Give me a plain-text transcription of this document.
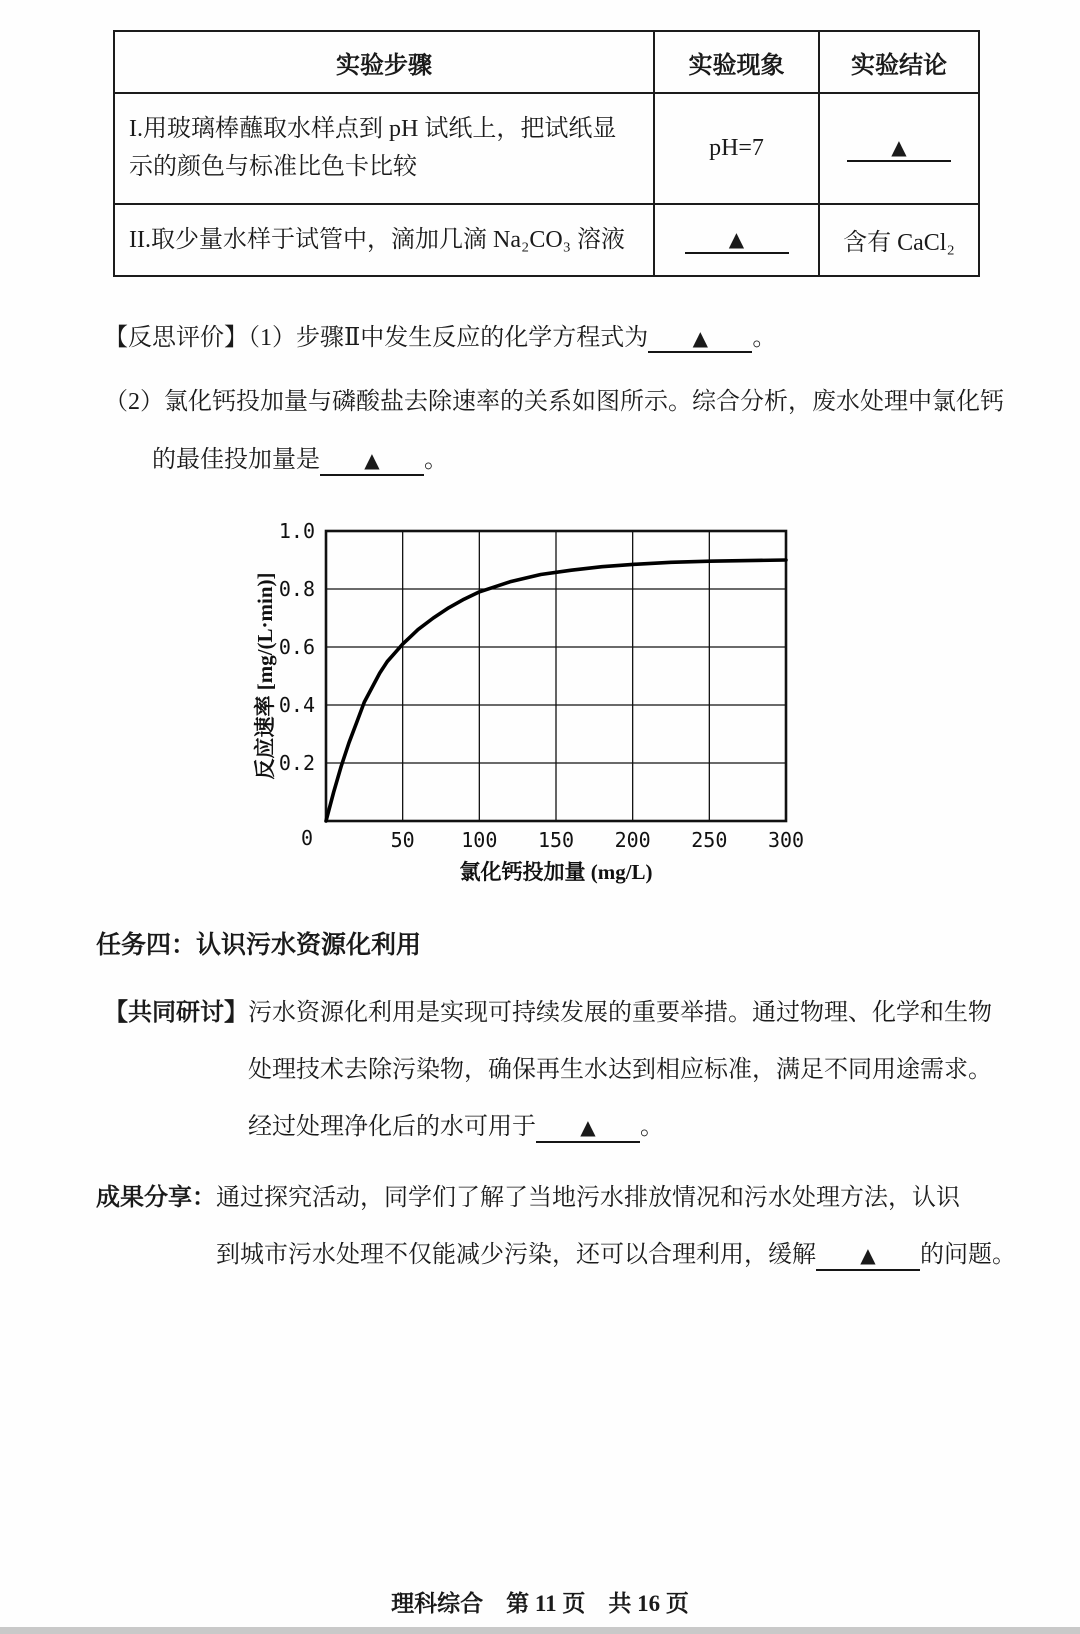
实验步骤	实验现象	实验结论
I.用玻璃棒蘸取水样点到 pH 试纸上，把试纸显示的颜色与标准比色卡比较	pH=7	▲
II.取少量水样于试管中，滴加几滴 Na₂CO₃ 溶液	▲	含有 CaCl₂
【反思评价】（1）步骤Ⅱ中发生反应的化学方程式为 ▲ 。
（2）氯化钙投加量与磷酸盐去除速率的关系如图所示。综合分析，废水处理中氯化钙
的最佳投加量是 ▲ 。
50 100 150 200 250 300
0.2
0.4
0.6
0.8
1.0
0
氯化钙投加量 (mg/L)
反应速率 [mg/(L·min)]
任务四：认识污水资源化利用
【共同研讨】 污水资源化利用是实现可持续发展的重要举措。通过物理、化学和生物
处理技术去除污染物，确保再生水达到相应标准，满足不同用途需求。
经过处理净化后的水可用于 ▲ 。
成果分享： 通过探究活动，同学们了解了当地污水排放情况和污水处理方法，认识
到城市污水处理不仅能减少污染，还可以合理利用，缓解 ▲ 的问题。
理科综合　第 11 页　共 16 页
